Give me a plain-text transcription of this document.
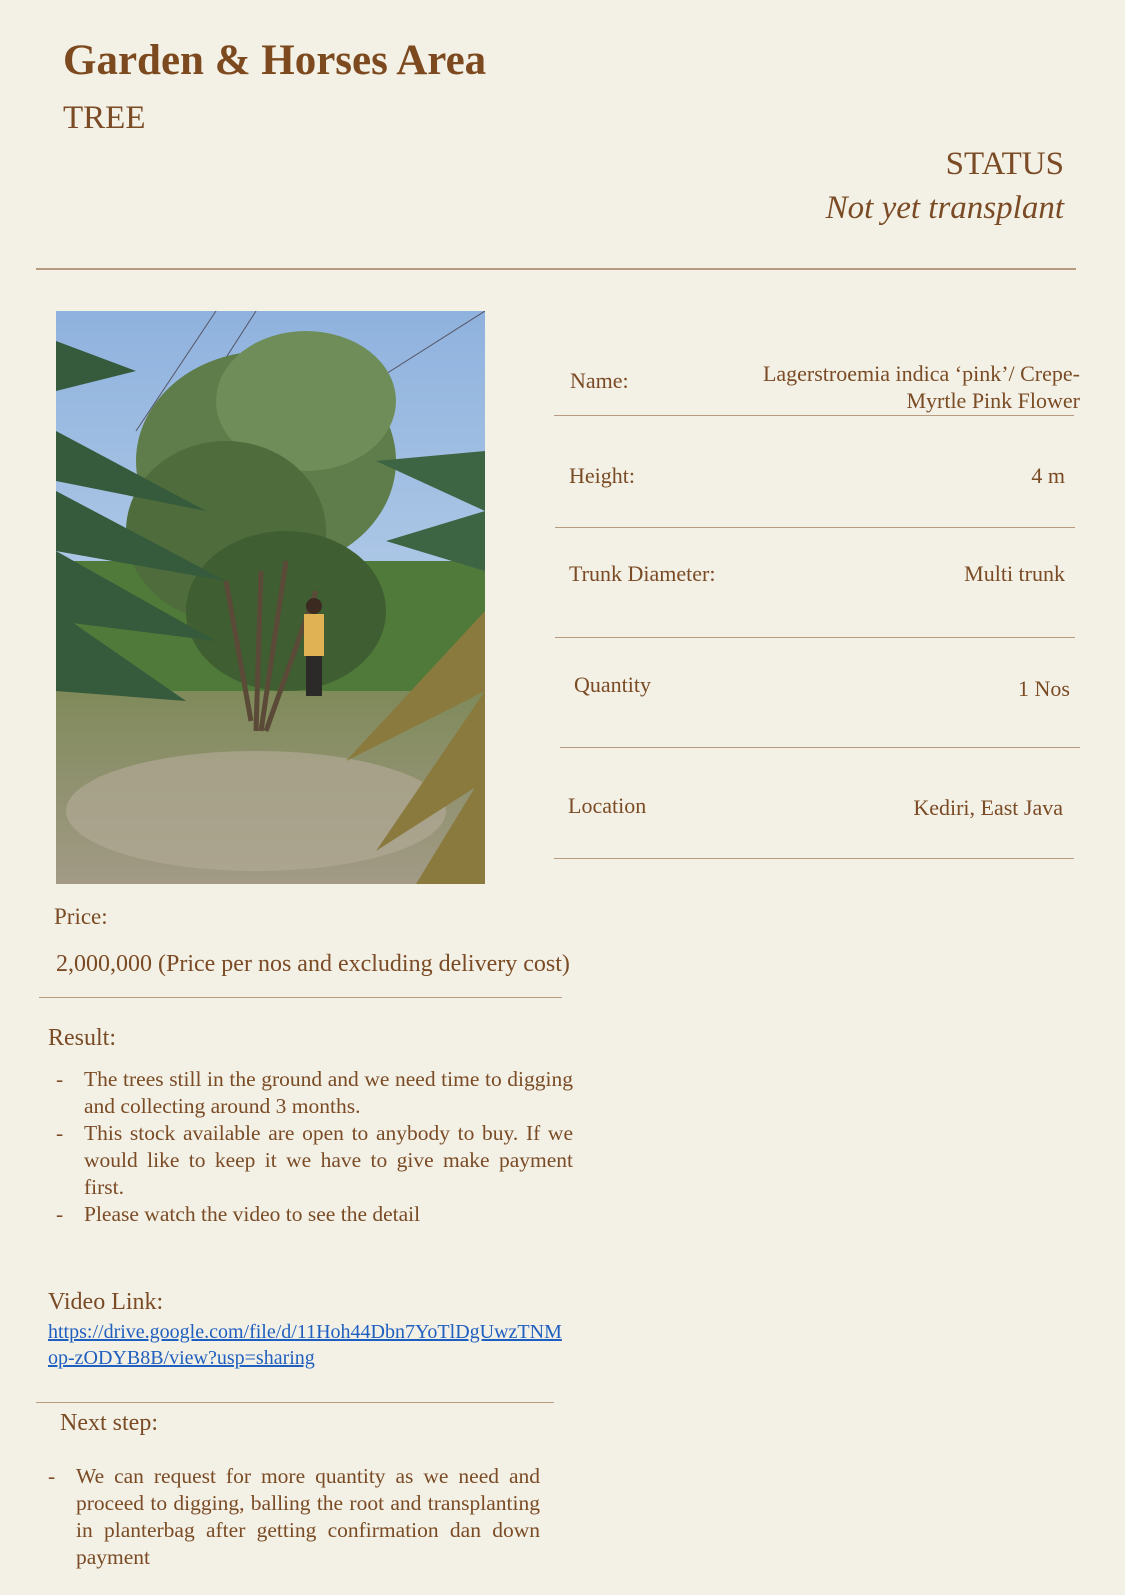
Garden & Horses Area
TREE
STATUS
Not yet transplant
Name:	Lagerstroemia indica ‘pink’/ Crepe-Myrtle Pink Flower
Height:	4 m
Trunk Diameter:	Multi trunk
Quantity	1 Nos
Location	Kediri, East Java
Price:
2,000,000 (Price per nos and excluding delivery cost)
Result:
- The trees still in the ground and we need time to digging and collecting around 3 months.
- This stock available are open to anybody to buy. If we would like to keep it we have to give make payment first.
- Please watch the video to see the detail
Video Link:
https://drive.google.com/file/d/11Hoh44Dbn7YoTlDgUwzTNMop-zODYB8B/view?usp=sharing
Next step:
- We can request for more quantity as we need and proceed to digging, balling the root and transplanting in planterbag after getting confirmation dan down payment
